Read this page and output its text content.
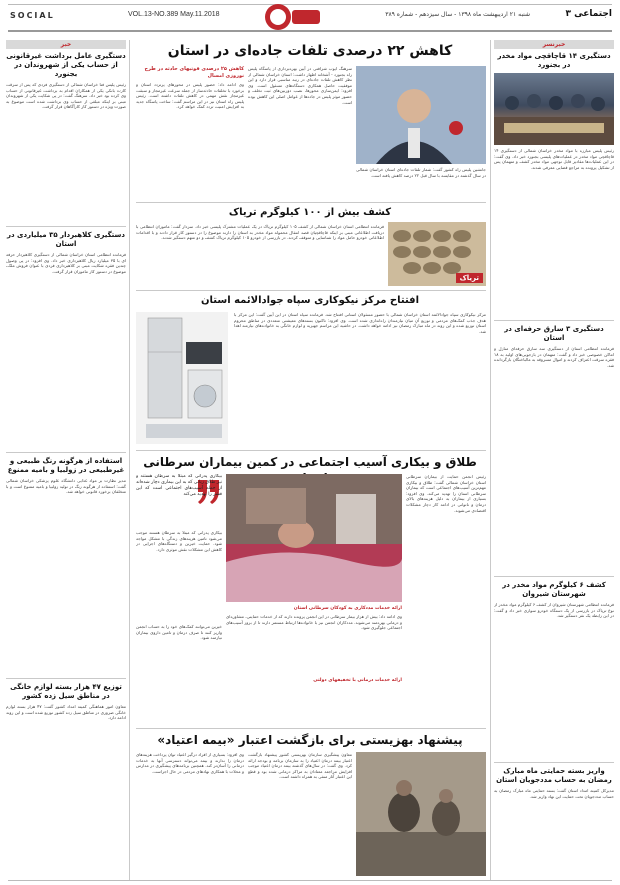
SOCIAL	VOL.13-NO.389 May.11.2018	شنبه ۲۱ اردیبهشت ماه ۱۳۹۸ - سال سیزدهم - شماره ۳۸۹	اجتماعی ۳
خبر
دستگیری عامل برداشت غیرقانونی از حساب یکی از شهروندان در بجنورد
رئیس پلیس فتا خراسان شمالی از دستگیری فردی که پس از سرقت کارت بانکی یکی از همکاران اقدام به برداشت غیرقانونی از حساب وی کرده بود خبر داد. سرهنگ گفت: در پی شکایت یکی از شهروندان مبنی بر اینکه مبلغی از حساب وی برداشت شده است موضوع به صورت ویژه در دستور کار کارآگاهان قرار گرفت.
دستگیری کلاهبردار ۳۵ میلیاردی در استان
فرمانده انتظامی استان خراسان شمالی از دستگیری کلاهبردار حرفه ای با ۳۵ میلیارد ریال کلاهبرداری خبر داد. وی افزود: در پی وصول چندین فقره شکایت مبنی بر کلاهبرداری فردی با عنوان فروش ملک، موضوع در دستور کار ماموران قرار گرفت.
استفاده از هرگونه رنگ طبیعی و غیرطبیعی در زولبیا و بامیه ممنوع
مدیر نظارت بر مواد غذایی دانشگاه علوم پزشکی خراسان شمالی گفت: استفاده از هرگونه رنگ در تولید زولبیا و بامیه ممنوع است و با متخلفان برخورد قانونی خواهد شد.
توزیع ۴۷ هزار بسته لوازم خانگی در مناطق سیل زده کشور
معاون امور هماهنگی کمیته امداد کشور گفت: ۴۷ هزار بسته لوازم خانگی ضروری در مناطق سیل زده کشور توزیع شده است و این روند ادامه دارد.
خبرنسر
دستگیری ۱۴ قاچاقچی مواد مخدر در بجنورد
رئیس پلیس مبارزه با مواد مخدر خراسان شمالی از دستگیری ۱۴ قاچاقچی مواد مخدر در عملیات‌های پلیسی بجنورد خبر داد. وی گفت: در این عملیات‌ها مقادیر قابل توجهی مواد مخدر کشف و متهمان پس از تشکیل پرونده به مراجع قضایی معرفی شدند.
دستگیری ۳ سارق حرفه‌ای در استان
فرمانده انتظامی استان از دستگیری سه سارق حرفه‌ای منازل و اماکن خصوصی خبر داد و گفت: متهمان در بازجویی‌های اولیه به ۱۸ فقره سرقت اعتراف کردند و اموال مسروقه به مالباختگان بازگردانده شد.
کشف ۶ کیلوگرم مواد مخدر در شهرستان شیروان
فرمانده انتظامی شهرستان شیروان از کشف ۶ کیلوگرم مواد مخدر از نوع تریاک در بازرسی از یک دستگاه خودرو سواری خبر داد و گفت: در این رابطه یک نفر دستگیر شد.
واریز بسته حمایتی ماه مبارک رمضان به حساب مددجویان استان
مدیرکل کمیته امداد استان گفت: بسته حمایتی ماه مبارک رمضان به حساب مددجویان تحت حمایت این نهاد واریز شد.
کاهش ۲۲ درصدی تلفات جاده‌ای در استان
کاهش ۲۵ درصدی فوتیهای حادثه در طرح نوروزی امسال
سرهنگ ایوب شرافتی در آیین بهره‌برداری از پاسگاه پلیس راه بجنورد - آشخانه اظهار داشت: استان خراسان شمالی از نظر کاهش تلفات جاده‌ای در رتبه مناسبی قرار دارد و این موفقیت حاصل همکاری دستگاه‌های مسئول است. وی افزود: ایمن‌سازی محورها، نصب دوربین‌های ثبت تخلف و حضور موثر پلیس در جاده‌ها از عوامل اصلی این کاهش بوده است.
وی ادامه داد: حضور پلیس در محورهای پرتردد استان و برخورد با تخلفات حادثه‌ساز از جمله سرعت غیرمجاز و سبقت غیرمجاز نقش مهمی در کاهش تلفات داشته است. رئیس پلیس راه استان نیز در این مراسم گفت: ساخت پاسگاه جدید به افزایش امنیت تردد کمک خواهد کرد.
جانشین پلیس راه کشور گفت: شمار تلفات جاده‌ای استان خراسان شمالی در سال گذشته در مقایسه با سال قبل ۲۲ درصد کاهش یافته است.
کشف بیش از ۱۰۰ کیلوگرم تریاک
تریاک
فرمانده انتظامی استان خراسان شمالی از کشف ۱۰۵ کیلوگرم تریاک در یک عملیات مشترک پلیسی خبر داد. سردار گفت: ماموران انتظامی با دریافت اطلاعاتی مبنی بر اینکه قاچاقچیان قصد انتقال محموله مواد مخدر به استان را دارند موضوع را در دستور کار قرار دادند و با اقدامات اطلاعاتی خودرو حامل مواد را شناسایی و متوقف کردند. در بازرسی از خودرو ۱۰۵ کیلوگرم تریاک کشف و دو متهم دستگیر شدند.
افتتاح مرکز نیکوکاری سپاه جوادالائمه استان
مرکز نیکوکاری سپاه جوادالائمه استان خراسان شمالی با حضور مسئولان استانی افتتاح شد. فرمانده سپاه استان در این آیین گفت: این مرکز با هدف جذب کمک‌های مردمی و توزیع آن میان نیازمندان راه‌اندازی شده است. وی افزود: تاکنون بسته‌های معیشتی متعددی در مناطق محروم استان توزیع شده و این روند در ماه مبارک رمضان نیز ادامه خواهد داشت. در حاشیه این مراسم جهیزیه و لوازم خانگی به خانواده‌های نیازمند اهدا شد.
طلاق و بیکاری آسیب اجتماعی در کمین بیماران سرطانی
رئیس انجمن حمایت از بیماران سرطانی استان خراسان شمالی گفت: طلاق و بیکاری مهم‌ترین آسیب‌های اجتماعی است که بیماران سرطانی استان را تهدید می‌کند. وی افزود: بسیاری از بیماران به دلیل هزینه‌های بالای درمان و ناتوانی در ادامه کار دچار مشکلات اقتصادی می‌شوند.
بیکاری پدرانی که مبتلا به سرطان هستند و نیز طلاق زنانی که به این بیماری دچار شده‌اند از جمله آسیب‌های اجتماعی است که این قشر را تهدید می‌کند
بیکاری پدرانی که مبتلا به سرطان هستند موجب می‌شود تامین هزینه‌های زندگی با مشکل مواجه شود. حمایت خیرین و دستگاه‌های اجرایی در کاهش این مشکلات نقش موثری دارد.
ارائه خدمات مددکاری به کودکان سرطانی استان
وی ادامه داد: بیش از هزار بیمار سرطانی در این انجمن پرونده دارند که از خدمات حمایتی، مشاوره‌ای و درمانی بهره‌مند می‌شوند. مددکاران انجمن نیز با خانواده‌ها ارتباط مستمر دارند تا از بروز آسیب‌های اجتماعی جلوگیری شود.
ارائه خدمات درمانی با تخفیفهای دولتی
خیرین می‌توانند کمک‌های خود را به حساب انجمن واریز کنند تا صرف درمان و تامین داروی بیماران نیازمند شود.
پیشنهاد بهزیستی برای بازگشت اعتبار «بیمه اعتیاد»
معاون پیشگیری سازمان بهزیستی کشور پیشنهاد بازگشت اعتبار بیمه درمان اعتیاد را به سازمان برنامه و بودجه ارائه کرد. وی گفت: در سال‌های گذشته بیمه درمان اعتیاد موجب افزایش مراجعه معتادان به مراکز درمانی شده بود و قطع این اعتبار آثار منفی به همراه داشته است.
وی افزود: بسیاری از افراد درگیر اعتیاد توان پرداخت هزینه‌های درمان را ندارند و بیمه می‌تواند دسترسی آنها به خدمات درمانی را آسان‌تر کند. همچنین برنامه‌های پیشگیری در مدارس و محلات با همکاری نهادهای مردمی در حال اجراست.
